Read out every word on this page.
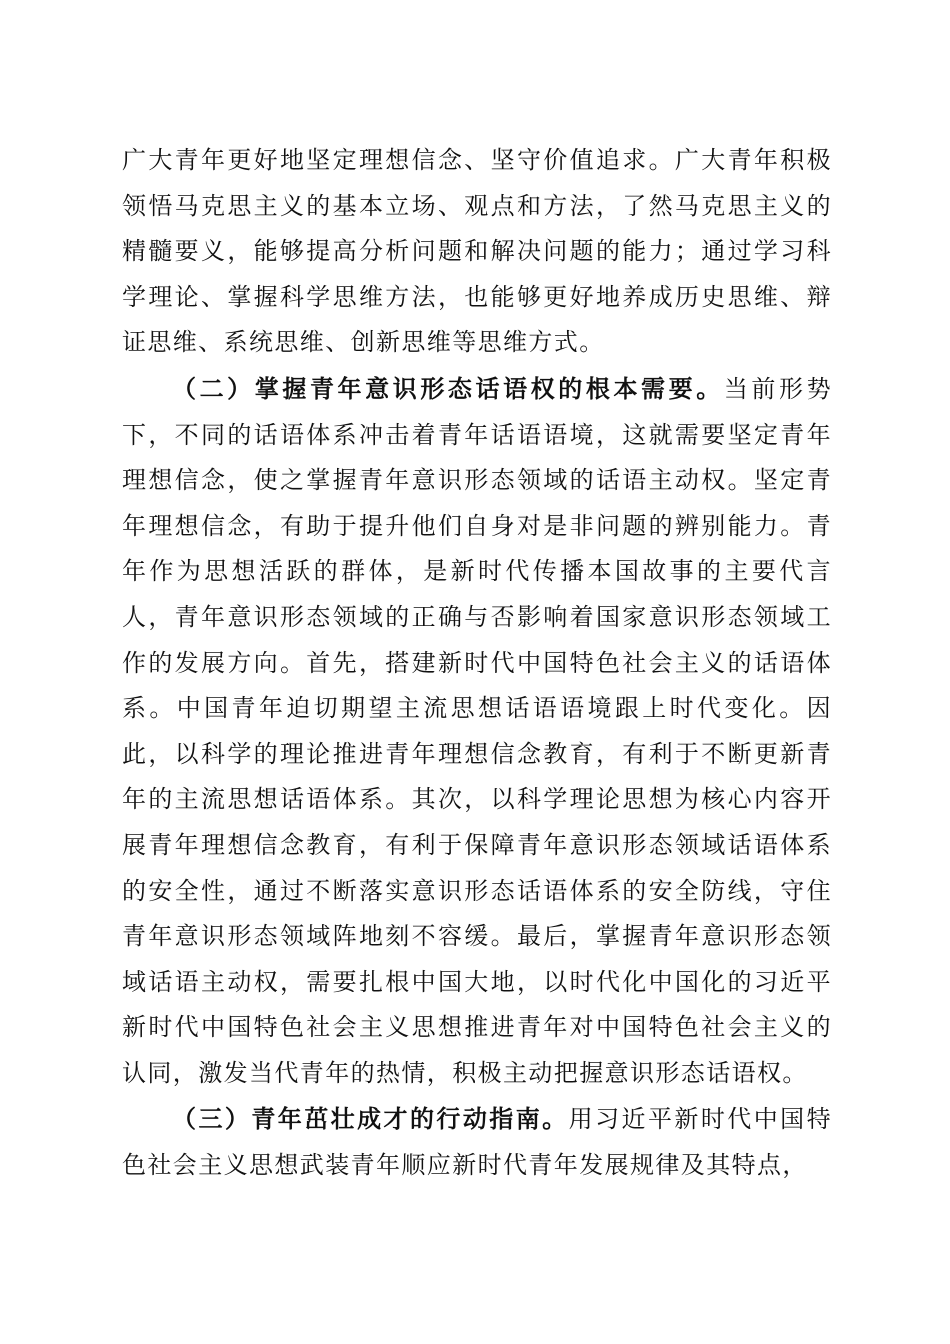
广大青年更好地坚定理想信念、坚守价值追求。广大青年积极领悟马克思主义的基本立场、观点和方法，了然马克思主义的精髓要义，能够提高分析问题和解决问题的能力；通过学习科学理论、掌握科学思维方法，也能够更好地养成历史思维、辩证思维、系统思维、创新思维等思维方式。

（二）掌握青年意识形态话语权的根本需要。当前形势下，不同的话语体系冲击着青年话语语境，这就需要坚定青年理想信念，使之掌握青年意识形态领域的话语主动权。坚定青年理想信念，有助于提升他们自身对是非问题的辨别能力。青年作为思想活跃的群体，是新时代传播本国故事的主要代言人，青年意识形态领域的正确与否影响着国家意识形态领域工作的发展方向。首先，搭建新时代中国特色社会主义的话语体系。中国青年迫切期望主流思想话语语境跟上时代变化。因此，以科学的理论推进青年理想信念教育，有利于不断更新青年的主流思想话语体系。其次，以科学理论思想为核心内容开展青年理想信念教育，有利于保障青年意识形态领域话语体系的安全性，通过不断落实意识形态话语体系的安全防线，守住青年意识形态领域阵地刻不容缓。最后，掌握青年意识形态领域话语主动权，需要扎根中国大地，以时代化中国化的习近平新时代中国特色社会主义思想推进青年对中国特色社会主义的认同，激发当代青年的热情，积极主动把握意识形态话语权。

（三）青年茁壮成才的行动指南。用习近平新时代中国特色社会主义思想武装青年顺应新时代青年发展规律及其特点，
